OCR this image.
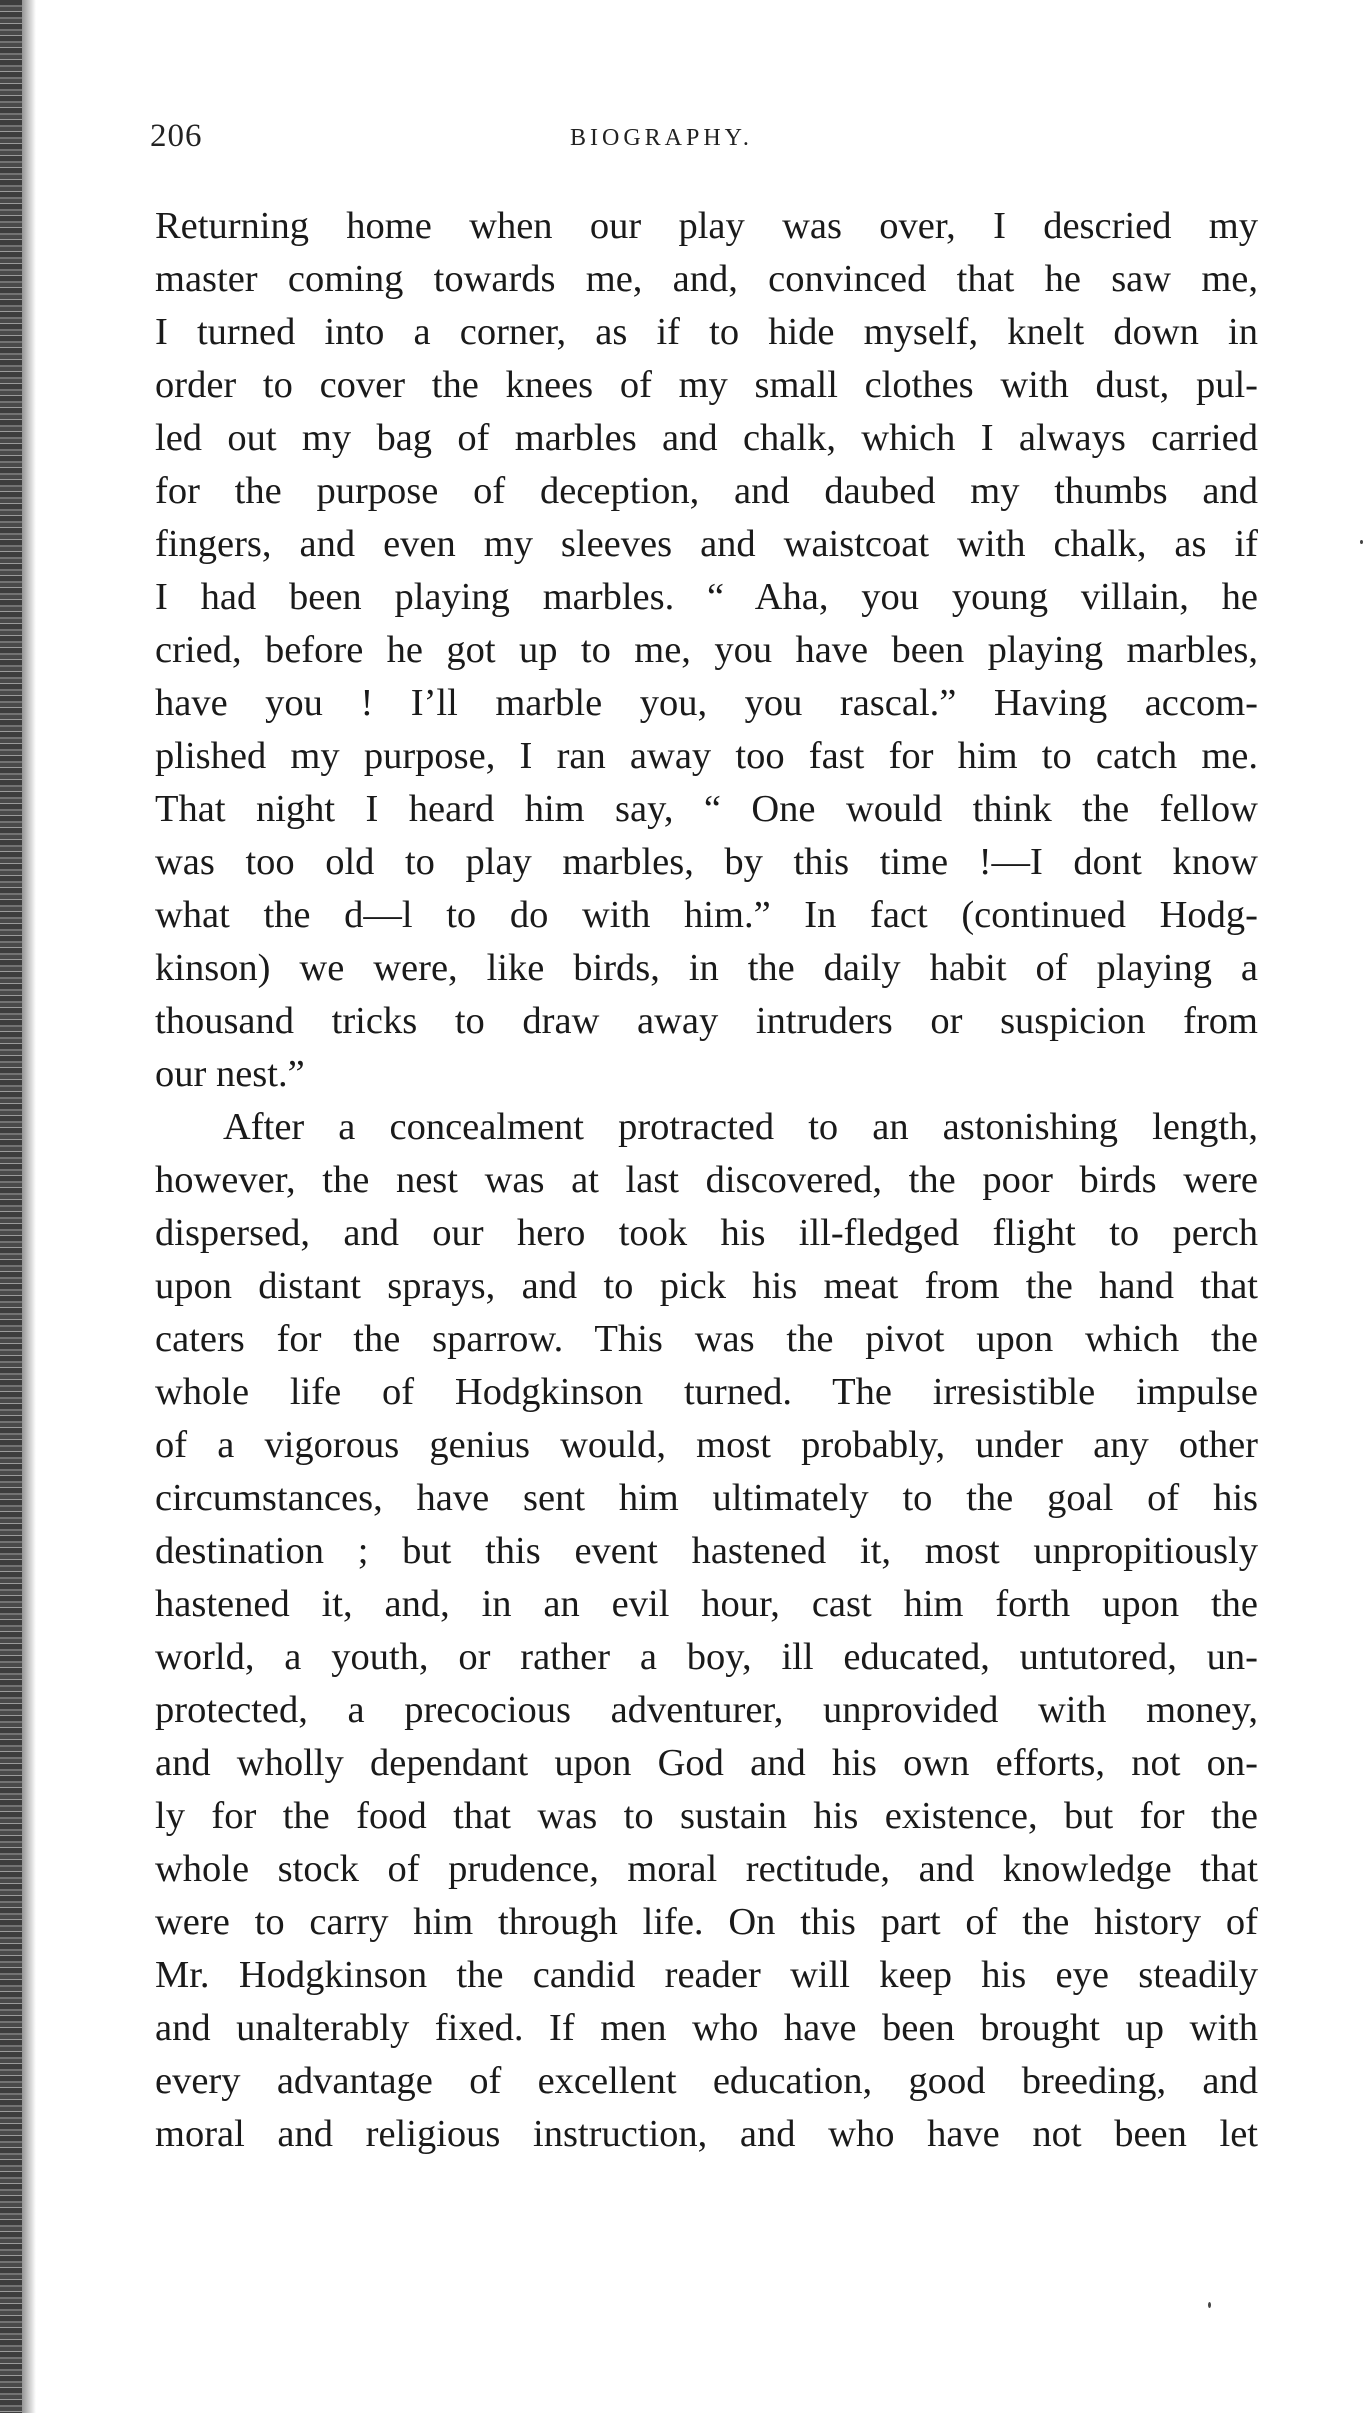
206	BIOGRAPHY.
Returning home when our play was over, I descried my
master coming towards me, and, convinced that he saw me,
I turned into a corner, as if to hide myself, knelt down in
order to cover the knees of my small clothes with dust, pul-
led out my bag of marbles and chalk, which I always carried
for the purpose of deception, and daubed my thumbs and
fingers, and even my sleeves and waistcoat with chalk, as if
I had been playing marbles. “ Aha, you young villain, he
cried, before he got up to me, you have been playing marbles,
have you ! I’ll marble you, you rascal.” Having accom-
plished my purpose, I ran away too fast for him to catch me.
That night I heard him say, “ One would think the fellow
was too old to play marbles, by this time !—I dont know
what the d—l to do with him.” In fact (continued Hodg-
kinson) we were, like birds, in the daily habit of playing a
thousand tricks to draw away intruders or suspicion from
our nest.”
After a concealment protracted to an astonishing length,
however, the nest was at last discovered, the poor birds were
dispersed, and our hero took his ill-fledged flight to perch
upon distant sprays, and to pick his meat from the hand that
caters for the sparrow. This was the pivot upon which the
whole life of Hodgkinson turned. The irresistible impulse
of a vigorous genius would, most probably, under any other
circumstances, have sent him ultimately to the goal of his
destination ; but this event hastened it, most unpropitiously
hastened it, and, in an evil hour, cast him forth upon the
world, a youth, or rather a boy, ill educated, untutored, un-
protected, a precocious adventurer, unprovided with money,
and wholly dependant upon God and his own efforts, not on-
ly for the food that was to sustain his existence, but for the
whole stock of prudence, moral rectitude, and knowledge that
were to carry him through life. On this part of the history of
Mr. Hodgkinson the candid reader will keep his eye steadily
and unalterably fixed. If men who have been brought up with
every advantage of excellent education, good breeding, and
moral and religious instruction, and who have not been let
